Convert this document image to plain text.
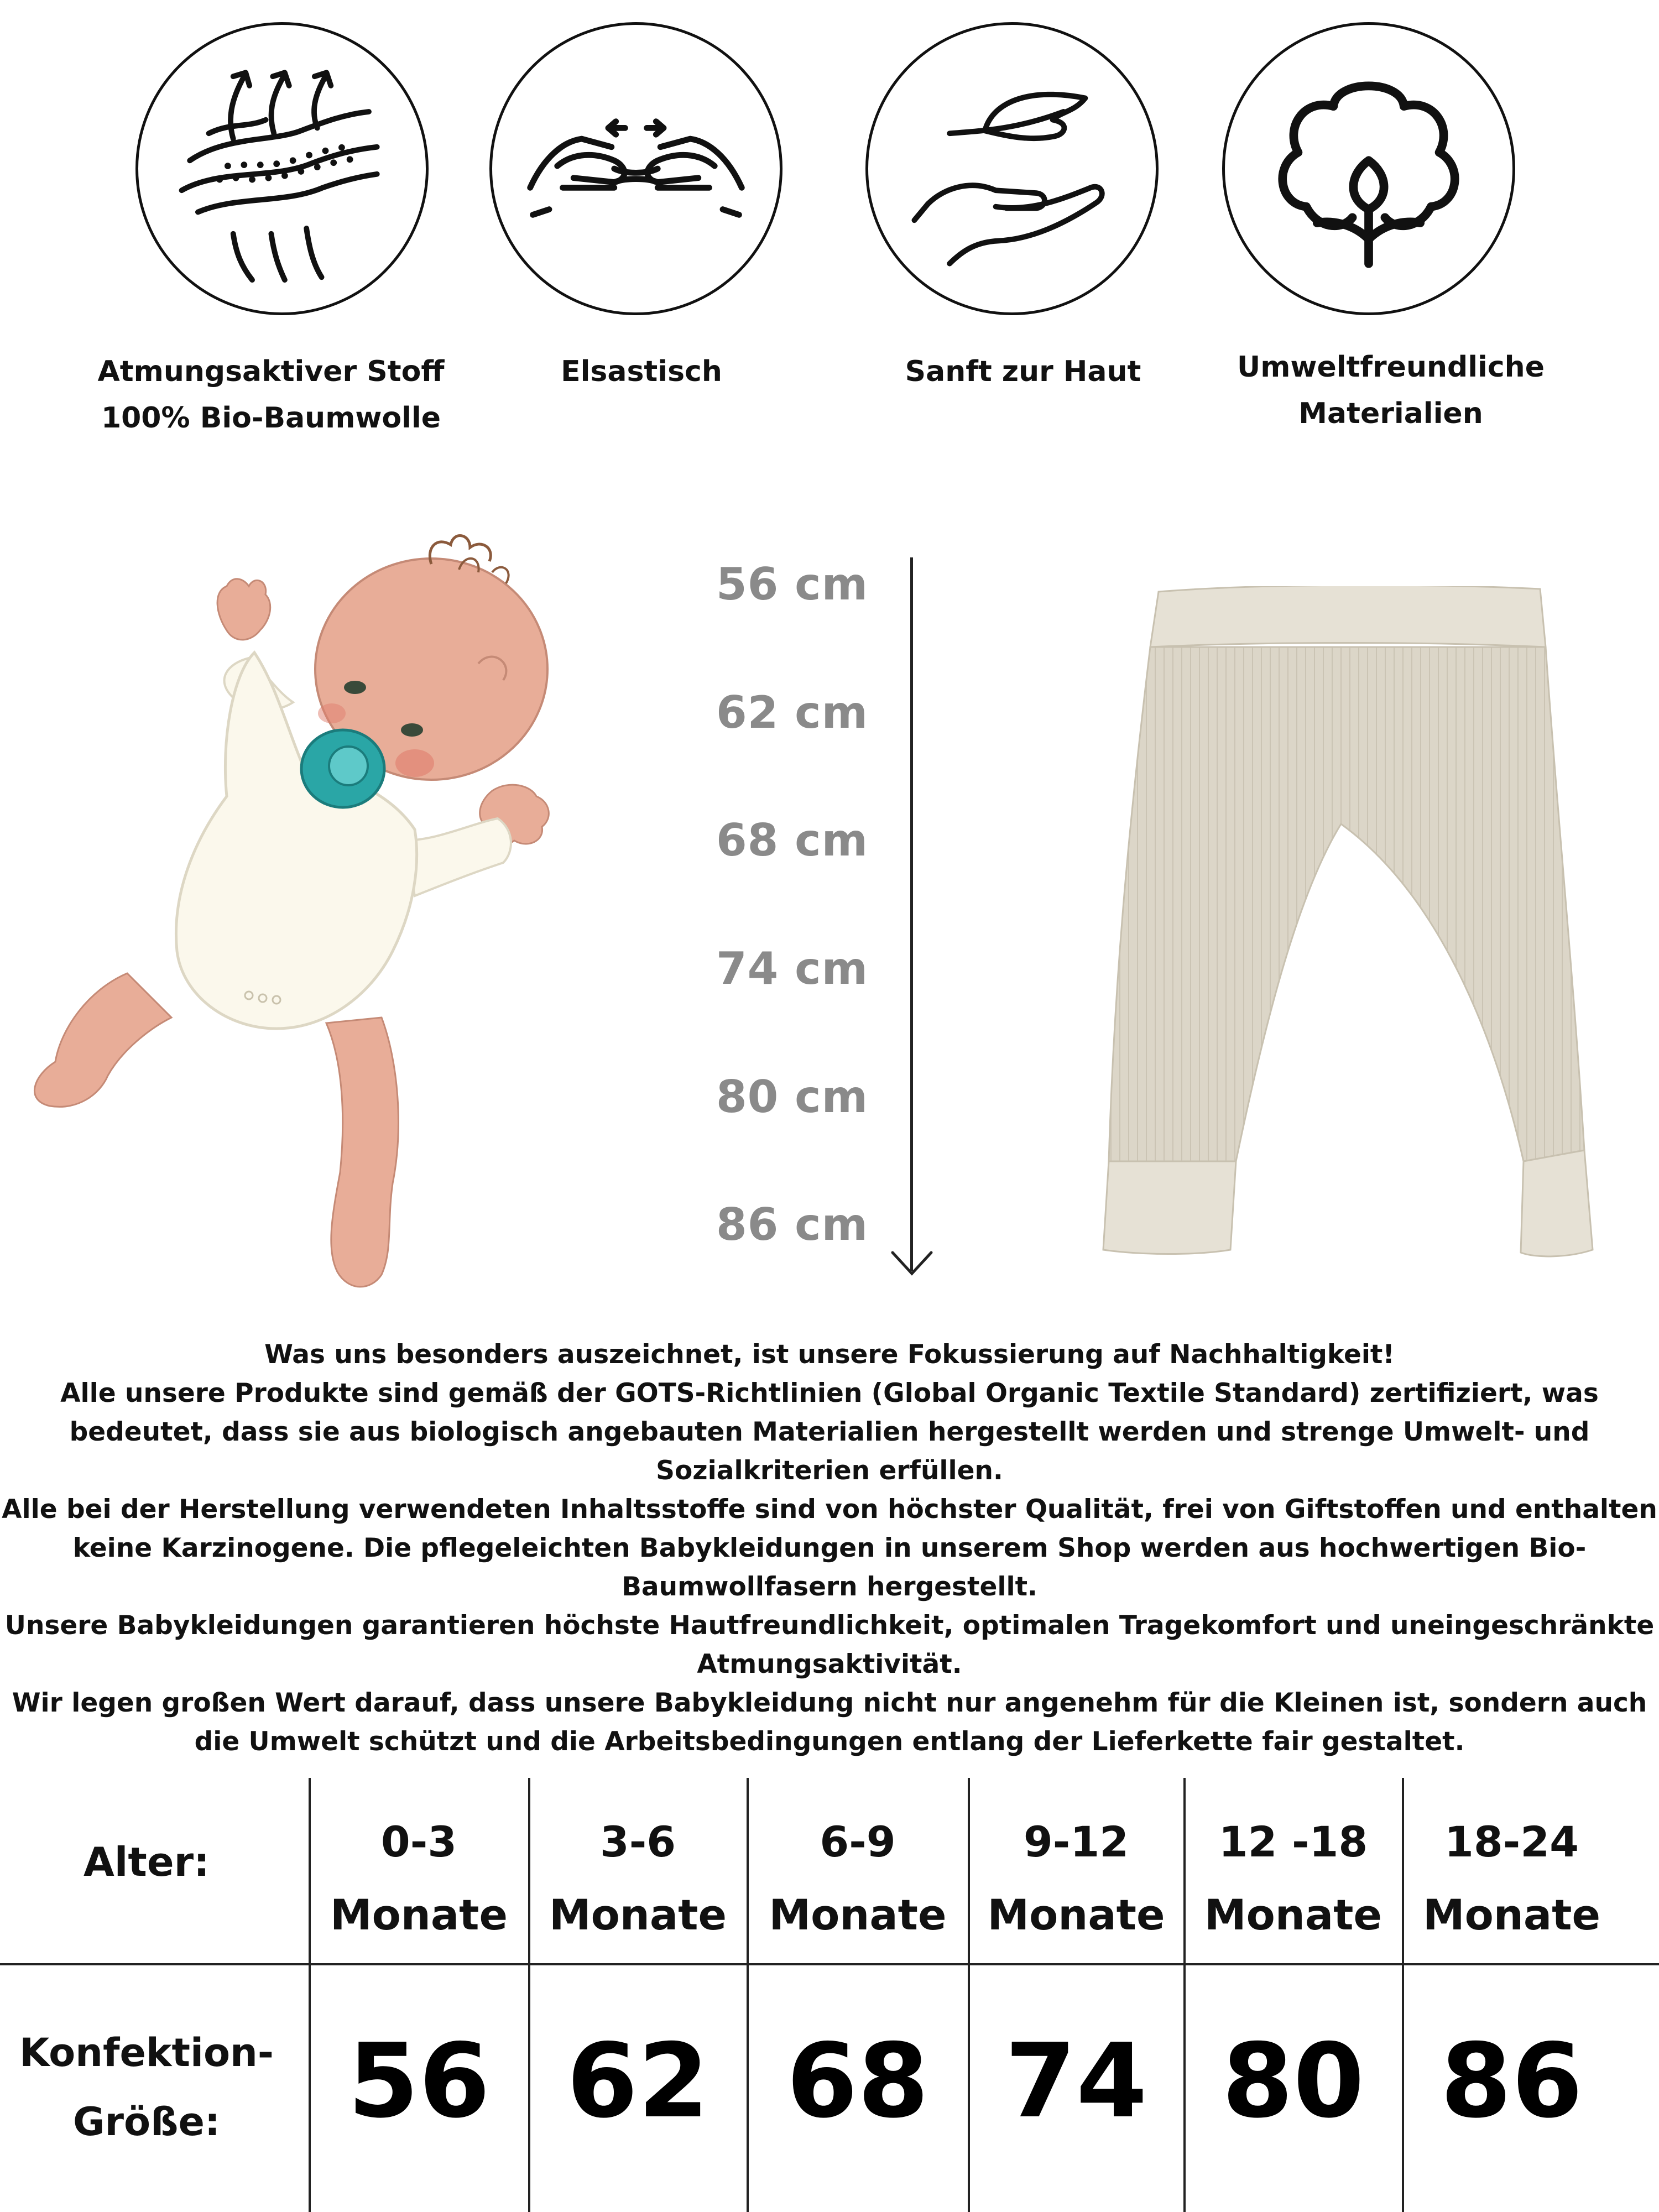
Atmungsaktiver Stoff
100% Bio-Baumwolle
Elsastisch	Sanft zur Haut	Umweltfreundliche
Materialien
56 cm
62 cm
68 cm
74 cm
80 cm
86 cm

Was uns besonders auszeichnet, ist unsere Fokussierung auf Nachhaltigkeit!

Alle unsere Produkte sind gemäß der GOTS-Richtlinien (Global Organic Textile Standard) zertifiziert, was bedeutet, dass sie aus biologisch angebauten Materialien hergestellt werden und strenge Umwelt- und Sozialkriterien erfüllen.

Alle bei der Herstellung verwendeten Inhaltsstoffe sind von höchster Qualität, frei von Giftstoffen und enthalten keine Karzinogene. Die pflegeleichten Babykleidungen in unserem Shop werden aus hochwertigen Bio-Baumwollfasern hergestellt.

Unsere Babykleidungen garantieren höchste Hautfreundlichkeit, optimalen Tragekomfort und uneingeschränkte Atmungsaktivität.

Wir legen großen Wert darauf, dass unsere Babykleidung nicht nur angenehm für die Kleinen ist, sondern auch die Umwelt schützt und die Arbeitsbedingungen entlang der Lieferkette fair gestaltet.

Alter:
Konfektion-
Größe:
0-3
Monate
3-6
Monate
6-9
Monate
9-12
Monate
12 -18
Monate
18-24
Monate
56 62 68 74 80 86
